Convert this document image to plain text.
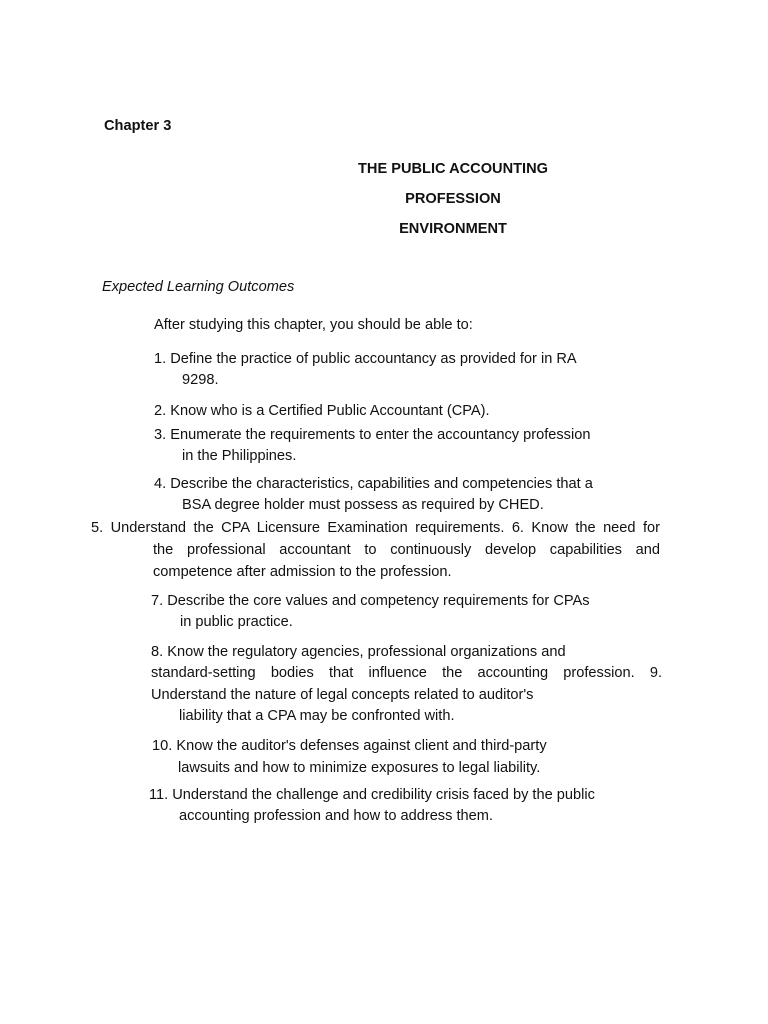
Chapter 3

THE PUBLIC ACCOUNTING

PROFESSION

ENVIRONMENT

Expected Learning Outcomes

After studying this chapter, you should be able to:

1. Define the practice of public accountancy as provided for in RA

9298.

2. Know who is a Certified Public Accountant (CPA).

3. Enumerate the requirements to enter the accountancy profession

in the Philippines.

4. Describe the characteristics, capabilities and competencies that a

BSA degree holder must possess as required by CHED.

5. Understand the CPA Licensure Examination requirements. 6. Know the need for

the professional accountant to continuously develop capabilities and

competence after admission to the profession.

7. Describe the core values and competency requirements for CPAs

in public practice.

8. Know the regulatory agencies, professional organizations and

standard-setting bodies that influence the accounting profession. 9.

Understand the nature of legal concepts related to auditor's

liability that a CPA may be confronted with.

10. Know the auditor's defenses against client and third-party

lawsuits and how to minimize exposures to legal liability.

11. Understand the challenge and credibility crisis faced by the public

accounting profession and how to address them.
